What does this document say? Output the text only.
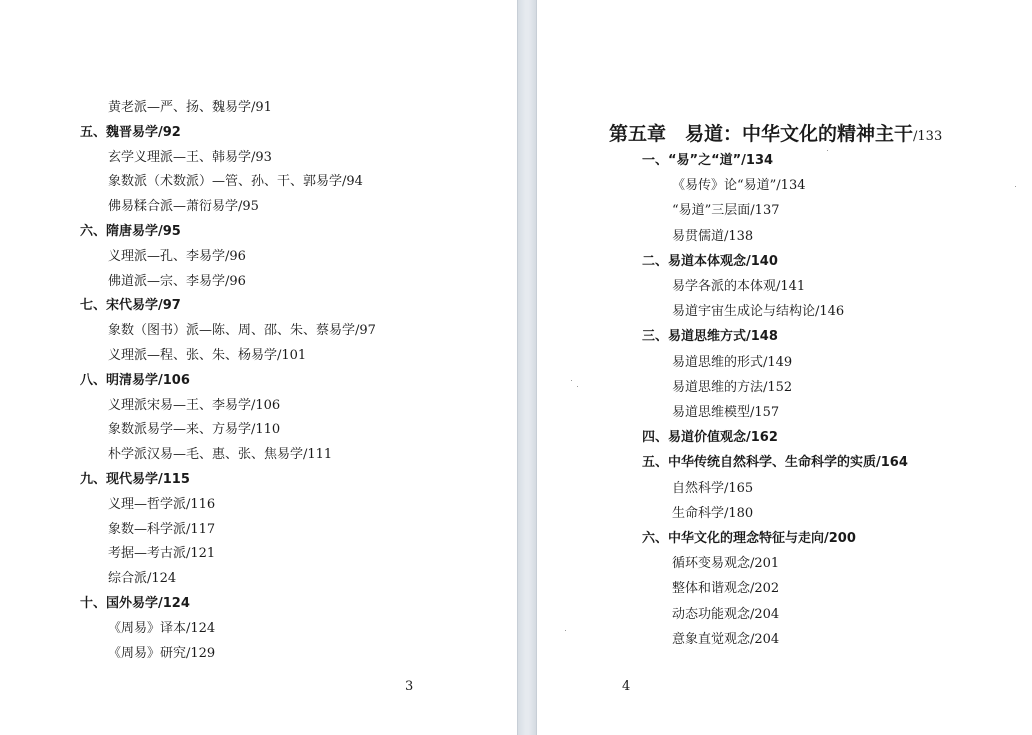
黄老派—严、扬、魏易学/91
五、魏晋易学/92
玄学义理派—王、韩易学/93
象数派（术数派）—管、孙、干、郭易学/94
佛易糅合派—萧衍易学/95
六、隋唐易学/95
义理派—孔、李易学/96
佛道派—宗、李易学/96
七、宋代易学/97
象数（图书）派—陈、周、邵、朱、蔡易学/97
义理派—程、张、朱、杨易学/101
八、明清易学/106
义理派宋易—王、李易学/106
象数派易学—来、方易学/110
朴学派汉易—毛、惠、张、焦易学/111
九、现代易学/115
义理—哲学派/116
象数—科学派/117
考据—考古派/121
综合派/124
十、国外易学/124
《周易》译本/124
《周易》研究/129
3
第五章　易道：中华文化的精神主干/133
一、“易”之“道”/134
《易传》论“易道”/134
“易道”三层面/137
易贯儒道/138
二、易道本体观念/140
易学各派的本体观/141
易道宇宙生成论与结构论/146
三、易道思维方式/148
易道思维的形式/149
易道思维的方法/152
易道思维模型/157
四、易道价值观念/162
五、中华传统自然科学、生命科学的实质/164
自然科学/165
生命科学/180
六、中华文化的理念特征与走向/200
循环变易观念/201
整体和谐观念/202
动态功能观念/204
意象直觉观念/204
4
